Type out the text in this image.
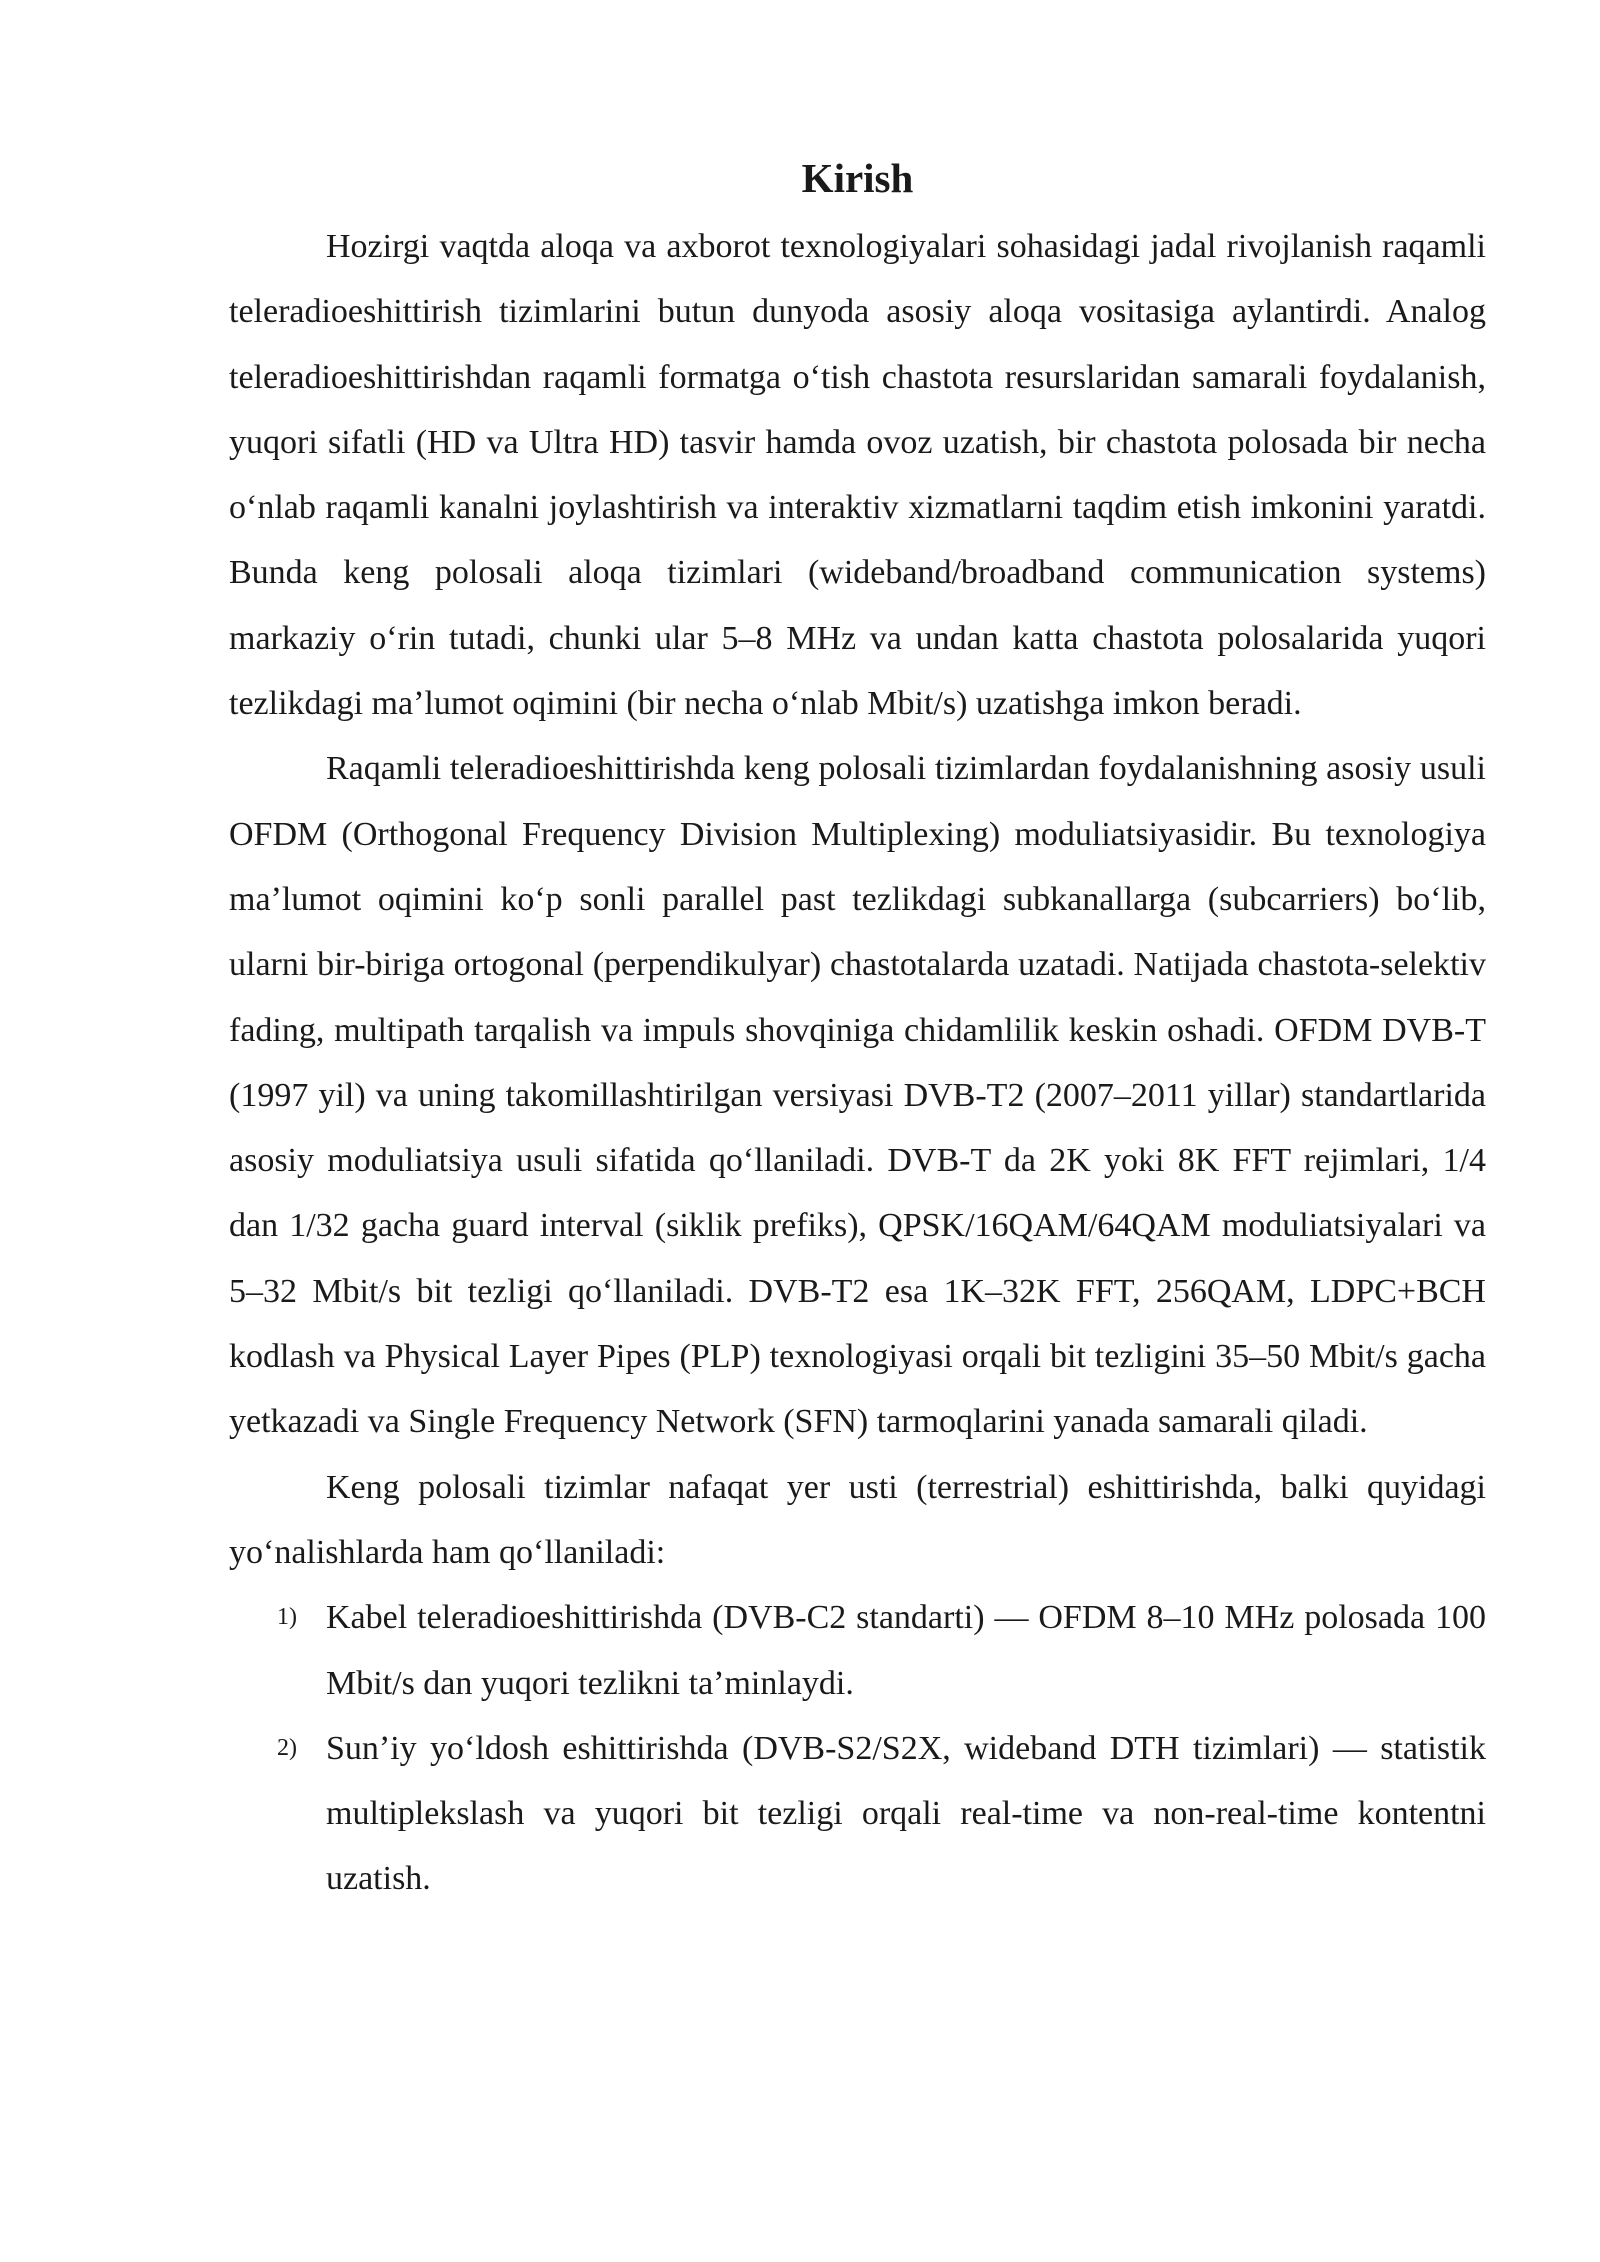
Kirish

Hozirgi vaqtda aloqa va axborot texnologiyalari sohasidagi jadal rivojlanish raqamli teleradioeshittirish tizimlarini butun dunyoda asosiy aloqa vositasiga aylantirdi. Analog teleradioeshittirishdan raqamli formatga oʻtish chastota resurslaridan samarali foydalanish, yuqori sifatli (HD va Ultra HD) tasvir hamda ovoz uzatish, bir chastota polosada bir necha oʻnlab raqamli kanalni joylashtirish va interaktiv xizmatlarni taqdim etish imkonini yaratdi. Bunda keng polosali aloqa tizimlari (wideband/broadband communication systems) markaziy oʻrin tutadi, chunki ular 5–8 MHz va undan katta chastota polosalarida yuqori tezlikdagi maʼlumot oqimini (bir necha oʻnlab Mbit/s) uzatishga imkon beradi.

Raqamli teleradioeshittirishda keng polosali tizimlardan foydalanishning asosiy usuli OFDM (Orthogonal Frequency Division Multiplexing) moduliatsiyasidir. Bu texnologiya maʼlumot oqimini koʻp sonli parallel past tezlikdagi subkanallarga (subcarriers) boʻlib, ularni bir-biriga ortogonal (perpendikulyar) chastotalarda uzatadi. Natijada chastota-selektiv fading, multipath tarqalish va impuls shovqiniga chidamlilik keskin oshadi. OFDM DVB-T (1997 yil) va uning takomillashtirilgan versiyasi DVB-T2 (2007–2011 yillar) standartlarida asosiy moduliatsiya usuli sifatida qoʻllaniladi. DVB-T da 2K yoki 8K FFT rejimlari, 1/4 dan 1/32 gacha guard interval (siklik prefiks), QPSK/16QAM/64QAM moduliatsiyalari va 5–32 Mbit/s bit tezligi qoʻllaniladi. DVB-T2 esa 1K–32K FFT, 256QAM, LDPC+BCH kodlash va Physical Layer Pipes (PLP) texnologiyasi orqali bit tezligini 35–50 Mbit/s gacha yetkazadi va Single Frequency Network (SFN) tarmoqlarini yanada samarali qiladi.

Keng polosali tizimlar nafaqat yer usti (terrestrial) eshittirishda, balki quyidagi yoʻnalishlarda ham qoʻllaniladi:

1) Kabel teleradioeshittirishda (DVB-C2 standarti) — OFDM 8–10 MHz polosada 100 Mbit/s dan yuqori tezlikni taʼminlaydi.
2) Sunʼiy yoʻldosh eshittirishda (DVB-S2/S2X, wideband DTH tizimlari) — statistik multiplekslash va yuqori bit tezligi orqali real-time va non-real-time kontentni uzatish.
